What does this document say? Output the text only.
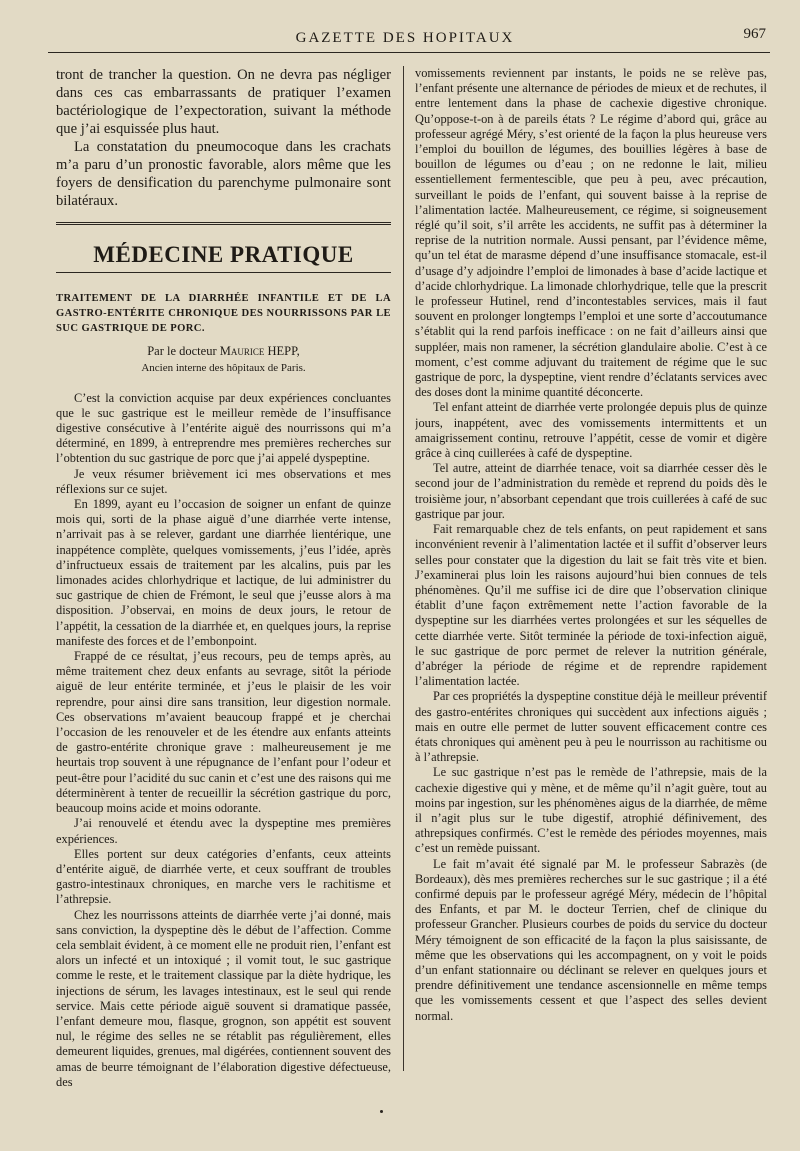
GAZETTE DES HOPITAUX	967

tront de trancher la question. On ne devra pas négliger dans ces cas embarrassants de pratiquer l’examen bactériologique de l’expectoration, suivant la méthode que j’ai esquissée plus haut.

La constatation du pneumocoque dans les crachats m’a paru d’un pronostic favorable, alors même que les foyers de densification du parenchyme pulmonaire sont bilatéraux.

MÉDECINE PRATIQUE
TRAITEMENT DE LA DIARRHÉE INFANTILE ET DE LA GASTRO-ENTÉRITE CHRONIQUE DES NOURRISSONS PAR LE SUC GASTRIQUE DE PORC.
Par le docteur Maurice HEPP,
Ancien interne des hôpitaux de Paris.

C’est la conviction acquise par deux expériences concluantes que le suc gastrique est le meilleur remède de l’insuffisance digestive consécutive à l’entérite aiguë des nourrissons qui m’a déterminé, en 1899, à entreprendre mes premières recherches sur l’obtention du suc gastrique de porc que j’ai appelé dyspeptine.

Je veux résumer brièvement ici mes observations et mes réflexions sur ce sujet.

En 1899, ayant eu l’occasion de soigner un enfant de quinze mois qui, sorti de la phase aiguë d’une diarrhée verte intense, n’arrivait pas à se relever, gardant une diarrhée lientérique, une inappétence complète, quelques vomissements, j’eus l’idée, après d’infructueux essais de traitement par les alcalins, puis par les limonades acides chlorhydrique et lactique, de lui administrer du suc gastrique de chien de Frémont, le seul que j’eusse alors à ma disposition. J’observai, en moins de deux jours, le retour de l’appétit, la cessation de la diarrhée et, en quelques jours, la reprise manifeste des forces et de l’embonpoint.

Frappé de ce résultat, j’eus recours, peu de temps après, au même traitement chez deux enfants au sevrage, sitôt la période aiguë de leur entérite terminée, et j’eus le plaisir de les voir reprendre, pour ainsi dire sans transition, leur digestion normale. Ces observations m’avaient beaucoup frappé et je cherchai l’occasion de les renouveler et de les étendre aux enfants atteints de gastro-entérite chronique grave : malheureusement je me heurtais trop souvent à une répugnance de l’enfant pour l’odeur et peut-être pour l’acidité du suc canin et c’est une des raisons qui me déterminèrent à tenter de recueillir la sécrétion gastrique du porc, beaucoup moins acide et moins odorante.

J’ai renouvelé et étendu avec la dyspeptine mes premières expériences.

Elles portent sur deux catégories d’enfants, ceux atteints d’entérite aiguë, de diarrhée verte, et ceux souffrant de troubles gastro-intestinaux chroniques, en marche vers le rachitisme et l’athrepsie.

Chez les nourrissons atteints de diarrhée verte j’ai donné, mais sans conviction, la dyspeptine dès le début de l’affection. Comme cela semblait évident, à ce moment elle ne produit rien, l’enfant est alors un infecté et un intoxiqué ; il vomit tout, le suc gastrique comme le reste, et le traitement classique par la diète hydrique, les injections de sérum, les lavages intestinaux, est le seul qui rende service. Mais cette période aiguë souvent si dramatique passée, l’enfant demeure mou, flasque, grognon, son appétit est souvent nul, le régime des selles ne se rétablit pas régulièrement, elles demeurent liquides, grenues, mal digérées, contiennent souvent des amas de beurre témoignant de l’élaboration digestive défectueuse, des

vomissements reviennent par instants, le poids ne se relève pas, l’enfant présente une alternance de périodes de mieux et de rechutes, il entre lentement dans la phase de cachexie digestive chronique. Qu’oppose-t-on à de pareils états ? Le régime d’abord qui, grâce au professeur agrégé Méry, s’est orienté de la façon la plus heureuse vers l’emploi du bouillon de légumes, des bouillies légères à base de bouillon de légumes ou d’eau ; on ne redonne le lait, milieu essentiellement fermentescible, que peu à peu, avec précaution, surveillant le poids de l’enfant, qui souvent baisse à la reprise de l’alimentation lactée. Malheureusement, ce régime, si soigneusement réglé qu’il soit, s’il arrête les accidents, ne suffit pas à déterminer la reprise de la nutrition normale. Aussi pensant, par l’évidence même, qu’un tel état de marasme dépend d’une insuffisance stomacale, est-il d’usage d’y adjoindre l’emploi de limonades à base d’acide lactique et d’acide chlorhydrique. La limonade chlorhydrique, telle que la prescrit le professeur Hutinel, rend d’incontestables services, mais il faut souvent en prolonger longtemps l’emploi et une sorte d’accoutumance s’établit qui la rend parfois inefficace : on ne fait d’ailleurs ainsi que suppléer, mais non ramener, la sécrétion glandulaire abolie. C’est à ce moment, c’est comme adjuvant du traitement de régime que le suc gastrique de porc, la dyspeptine, vient rendre d’éclatants services avec des doses dont la minime quantité déconcerte.

Tel enfant atteint de diarrhée verte prolongée depuis plus de quinze jours, inappétent, avec des vomissements intermittents et un amaigrissement continu, retrouve l’appétit, cesse de vomir et digère grâce à cinq cuillerées à café de dyspeptine.

Tel autre, atteint de diarrhée tenace, voit sa diarrhée cesser dès le second jour de l’administration du remède et reprend du poids dès le troisième jour, n’absorbant cependant que trois cuillerées à café de suc gastrique par jour.

Fait remarquable chez de tels enfants, on peut rapidement et sans inconvénient revenir à l’alimentation lactée et il suffit d’observer leurs selles pour constater que la digestion du lait se fait très vite et bien. J’examinerai plus loin les raisons aujourd’hui bien connues de tels phénomènes. Qu’il me suffise ici de dire que l’observation clinique établit d’une façon extrêmement nette l’action favorable de la dyspeptine sur les diarrhées vertes prolongées et sur les séquelles de cette diarrhée verte. Sitôt terminée la période de toxi-infection aiguë, le suc gastrique de porc permet de relever la nutrition générale, d’abréger la période de régime et de reprendre rapidement l’alimentation lactée.

Par ces propriétés la dyspeptine constitue déjà le meilleur préventif des gastro-entérites chroniques qui succèdent aux infections aiguës ; mais en outre elle permet de lutter souvent efficacement contre ces états chroniques qui amènent peu à peu le nourrisson au rachitisme ou à l’athrepsie.

Le suc gastrique n’est pas le remède de l’athrepsie, mais de la cachexie digestive qui y mène, et de même qu’il n’agit guère, tout au moins par ingestion, sur les phénomènes aigus de la diarrhée, de même il n’agit plus sur le tube digestif, atrophié définivement, des athrepsiques confirmés. C’est le remède des périodes moyennes, mais c’est un remède puissant.

Le fait m’avait été signalé par M. le professeur Sabrazès (de Bordeaux), dès mes premières recherches sur le suc gastrique ; il a été confirmé depuis par le professeur agrégé Méry, médecin de l’hôpital des Enfants, et par M. le docteur Terrien, chef de clinique du professeur Grancher. Plusieurs courbes de poids du service du docteur Méry témoignent de son efficacité de la façon la plus saisissante, de même que les observations qui les accompagnent, on y voit le poids d’un enfant stationnaire ou déclinant se relever en quelques jours et prendre définitivement une tendance ascensionnelle en même temps que les vomissements cessent et que l’aspect des selles devient normal.
